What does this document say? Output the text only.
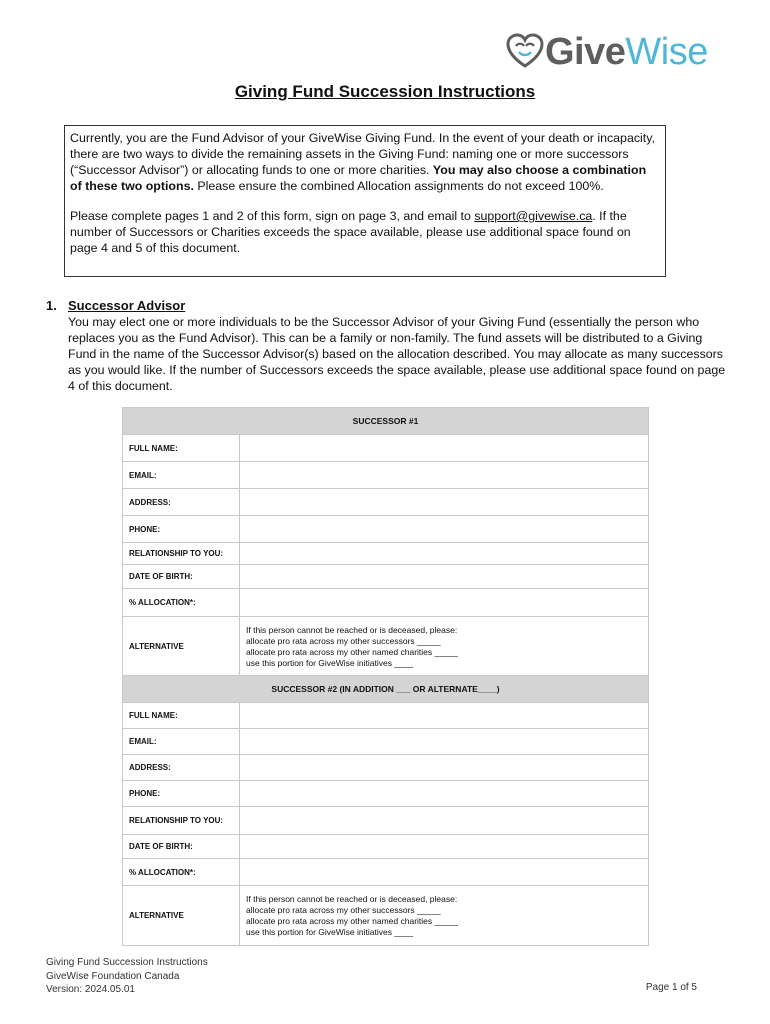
Give Wise
Giving Fund Succession Instructions

Currently, you are the Fund Advisor of your GiveWise Giving Fund. In the event of your death or incapacity, there are two ways to divide the remaining assets in the Giving Fund: naming one or more successors (“Successor Advisor”) or allocating funds to one or more charities. You may also choose a combination of these two options. Please ensure the combined Allocation assignments do not exceed 100%.

Please complete pages 1 and 2 of this form, sign on page 3, and email to support@givewise.ca. If the number of Successors or Charities exceeds the space available, please use additional space found on page 4 and 5 of this document.

1. Successor Advisor
You may elect one or more individuals to be the Successor Advisor of your Giving Fund (essentially the person who replaces you as the Fund Advisor). This can be a family or non-family. The fund assets will be distributed to a Giving Fund in the name of the Successor Advisor(s) based on the allocation described. You may allocate as many successors as you would like. If the number of Successors exceeds the space available, please use additional space found on page 4 of this document.
SUCCESSOR #1	
FULL NAME:	
EMAIL:	
ADDRESS:	
PHONE:	
RELATIONSHIP TO YOU:	
DATE OF BIRTH:	
% ALLOCATION*:	
ALTERNATIVE	If this person cannot be reached or is deceased, please:
allocate pro rata across my other successors _____
allocate pro rata across my other named charities _____
use this portion for GiveWise initiatives ____
SUCCESSOR #2 (IN ADDITION ___ OR ALTERNATE____)	
FULL NAME:	
EMAIL:	
ADDRESS:	
PHONE:	
RELATIONSHIP TO YOU:	
DATE OF BIRTH:	
% ALLOCATION*:	
ALTERNATIVE	If this person cannot be reached or is deceased, please:
allocate pro rata across my other successors _____
allocate pro rata across my other named charities _____
use this portion for GiveWise initiatives ____
Giving Fund Succession Instructions
GiveWise Foundation Canada
Version: 2024.05.01	Page 1 of 5
